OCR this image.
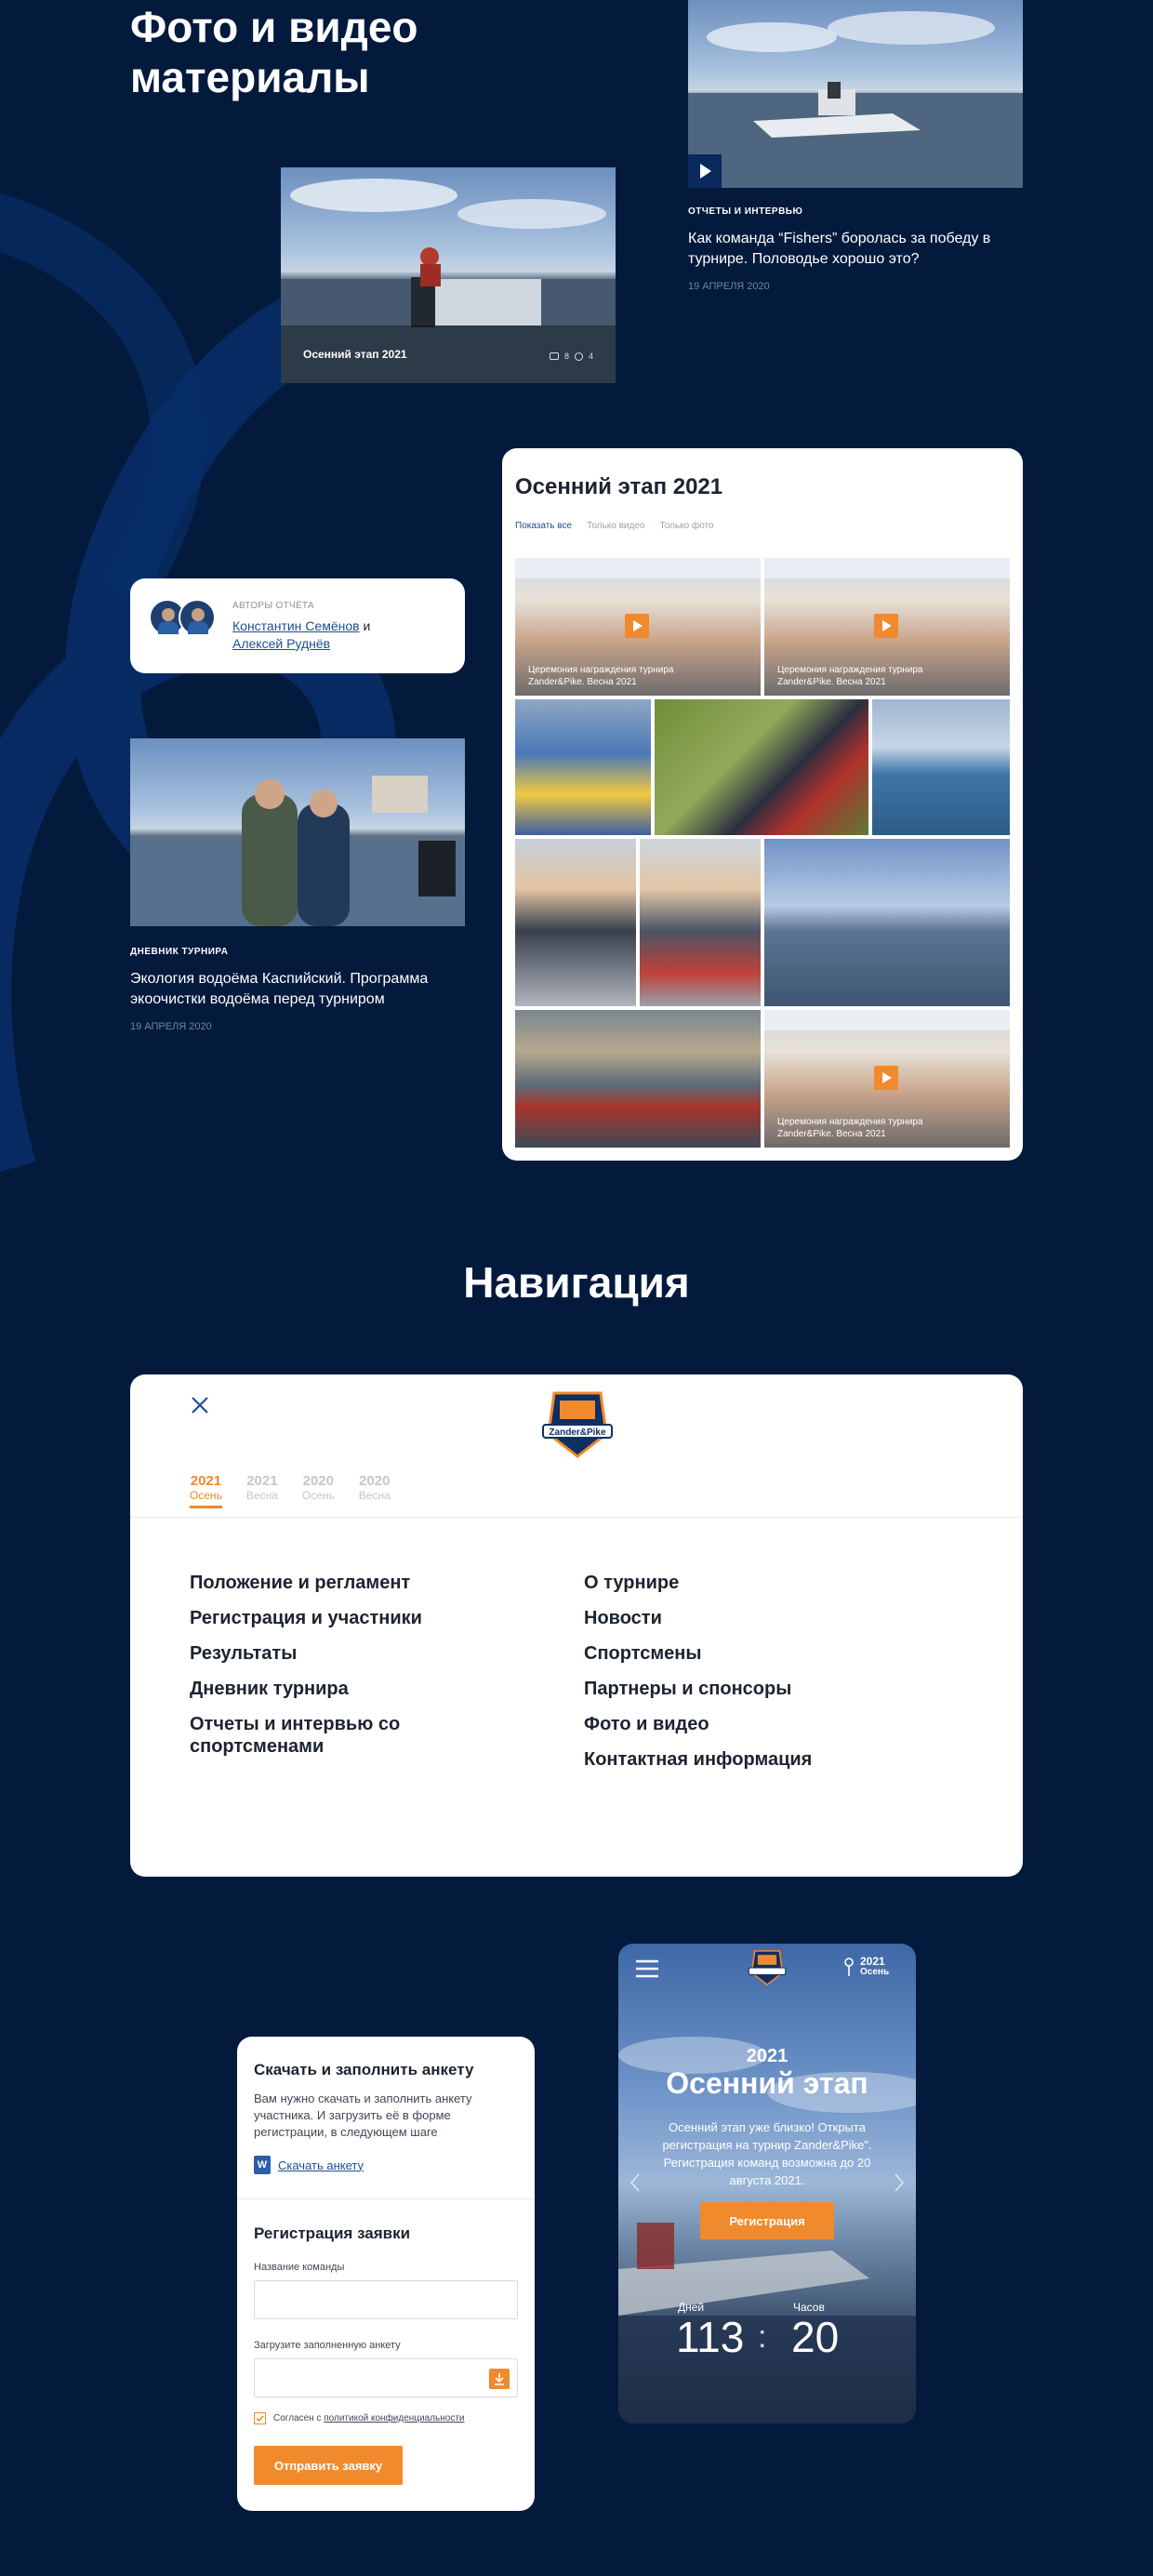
Фото и видео
материалы
ОТЧЕТЫ И ИНТЕРВЬЮ
Как команда “Fishers” боролась за победу в турнире. Половодье хорошо это?
19 АПРЕЛЯ 2020
Осенний этап 2021	8 4
АВТОРЫ ОТЧЁТА
Константин Семёнов и Алексей Руднёв
ДНЕВНИК ТУРНИРА
Экология водоёма Каспийский. Программа экоочистки водоёма перед турниром
19 АПРЕЛЯ 2020
Осенний этап 2021
Показать все Только видео Только фото
Церемония награждения турнира
Zander&Pike. Весна 2021
Церемония награждения турнира
Zander&Pike. Весна 2021
Церемония награждения турнира
Zander&Pike. Весна 2021
Навигация
Zander&Pike
2021
Осень
2021
Весна
2020
Осень
2020
Весна
Положение и регламент
Регистрация и участники
Результаты
Дневник турнира
Отчеты и интервью со спортсменами
О турнире
Новости
Спортсмены
Партнеры и спонсоры
Фото и видео
Контактная информация
Скачать и заполнить анкету
Вам нужно скачать и заполнить анкету участника. И загрузить её в форме регистрации, в следующем шаге
W Скачать анкету
Регистрация заявки
Название команды
Загрузите заполненную анкету
Согласен с политикой конфиденциальности
Отправить заявку
2021
Осень
2021
Осенний этап
Осенний этап уже близко! Открыта регистрация на турнир Zander&Pike". Регистрация команд возможна до 20 августа 2021.
Регистрация
Дней
113 :
Часов
20
